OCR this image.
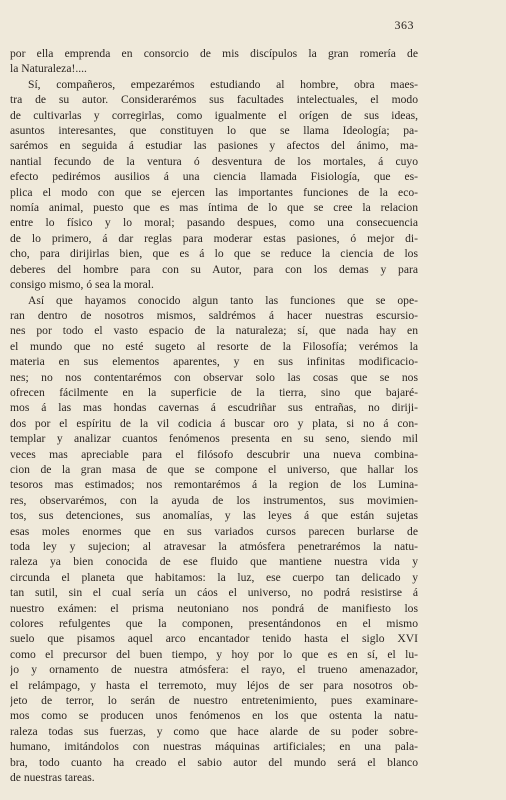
363
por ella emprenda en consorcio de mis discípulos la gran romería de
la Naturaleza!....
Sí, compañeros, empezarémos estudiando al hombre, obra maes-
tra de su autor. Considerarémos sus facultades intelectuales, el modo
de cultivarlas y corregirlas, como igualmente el orígen de sus ideas,
asuntos interesantes, que constituyen lo que se llama Ideología; pa-
sarémos en seguida á estudiar las pasiones y afectos del ánimo, ma-
nantial fecundo de la ventura ó desventura de los mortales, á cuyo
efecto pedirémos ausilios á una ciencia llamada Fisiología, que es-
plica el modo con que se ejercen las importantes funciones de la eco-
nomía animal, puesto que es mas íntima de lo que se cree la relacion
entre lo físico y lo moral; pasando despues, como una consecuencia
de lo primero, á dar reglas para moderar estas pasiones, ó mejor di-
cho, para dirijirlas bien, que es á lo que se reduce la ciencia de los
deberes del hombre para con su Autor, para con los demas y para
consigo mismo, ó sea la moral.
Así que hayamos conocido algun tanto las funciones que se ope-
ran dentro de nosotros mismos, saldrémos á hacer nuestras escursio-
nes por todo el vasto espacio de la naturaleza; sí, que nada hay en
el mundo que no esté sugeto al resorte de la Filosofía; verémos la
materia en sus elementos aparentes, y en sus infinitas modificacio-
nes; no nos contentarémos con observar solo las cosas que se nos
ofrecen fácilmente en la superficie de la tierra, sino que bajaré-
mos á las mas hondas cavernas á escudriñar sus entrañas, no diriji-
dos por el espíritu de la vil codicia á buscar oro y plata, si no á con-
templar y analizar cuantos fenómenos presenta en su seno, siendo mil
veces mas apreciable para el filósofo descubrir una nueva combina-
cion de la gran masa de que se compone el universo, que hallar los
tesoros mas estimados; nos remontarémos á la region de los Lumina-
res, observarémos, con la ayuda de los instrumentos, sus movimien-
tos, sus detenciones, sus anomalías, y las leyes á que están sujetas
esas moles enormes que en sus variados cursos parecen burlarse de
toda ley y sujecion; al atravesar la atmósfera penetrarémos la natu-
raleza ya bien conocida de ese fluido que mantiene nuestra vida y
circunda el planeta que habitamos: la luz, ese cuerpo tan delicado y
tan sutil, sin el cual sería un cáos el universo, no podrá resistirse á
nuestro exámen: el prisma neutoniano nos pondrá de manifiesto los
colores refulgentes que la componen, presentándonos en el mismo
suelo que pisamos aquel arco encantador tenido hasta el siglo XVI
como el precursor del buen tiempo, y hoy por lo que es en sí, el lu-
jo y ornamento de nuestra atmósfera: el rayo, el trueno amenazador,
el relámpago, y hasta el terremoto, muy léjos de ser para nosotros ob-
jeto de terror, lo serán de nuestro entretenimiento, pues examinare-
mos como se producen unos fenómenos en los que ostenta la natu-
raleza todas sus fuerzas, y como que hace alarde de su poder sobre-
humano, imitándolos con nuestras máquinas artificiales; en una pala-
bra, todo cuanto ha creado el sabio autor del mundo será el blanco
de nuestras tareas.
